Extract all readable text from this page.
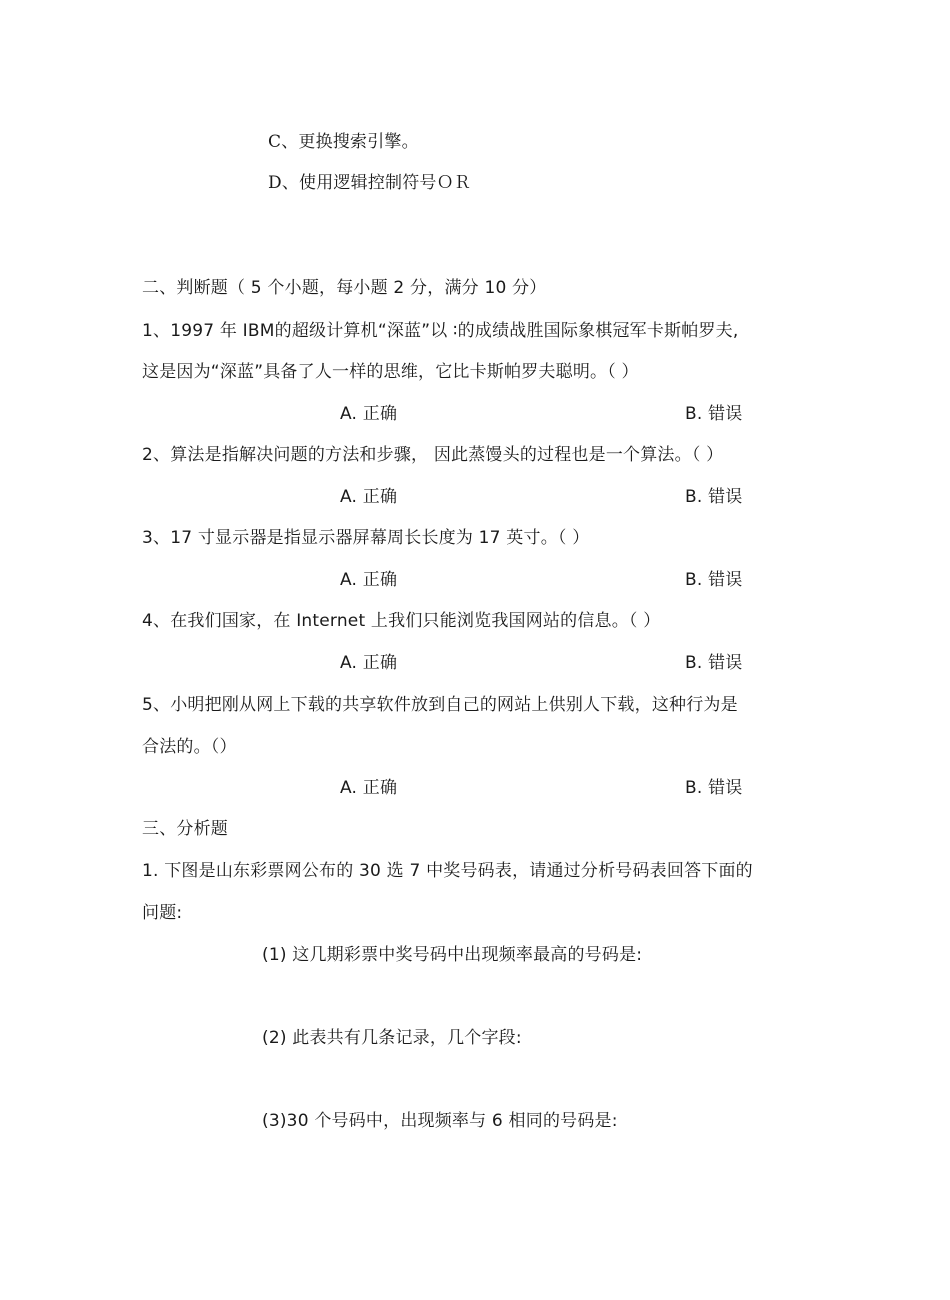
C、更换搜索引擎。
D、使用逻辑控制符号ＯＲ
二、判断题（ 5 个小题，每小题 2 分，满分 10 分）
1、1997 年 IBM的超级计算机“深蓝”以 ∶的成绩战胜国际象棋冠军卡斯帕罗夫,
这是因为“深蓝”具备了人一样的思维，它比卡斯帕罗夫聪明。（ ）
A. 正确	B. 错误
2、算法是指解决问题的方法和步骤， 因此蒸馒头的过程也是一个算法。（ ）
A. 正确	B. 错误
3、17 寸显示器是指显示器屏幕周长长度为 17 英寸。（ ）
A. 正确	B. 错误
4、在我们国家，在 Internet 上我们只能浏览我国网站的信息。（ ）
A. 正确	B. 错误
5、小明把刚从网上下载的共享软件放到自己的网站上供别人下载，这种行为是
合法的。（）
A. 正确	B. 错误
三、分析题
1. 下图是山东彩票网公布的 30 选 7 中奖号码表，请通过分析号码表回答下面的
问题:
(1) 这几期彩票中奖号码中出现频率最高的号码是:
(2) 此表共有几条记录，几个字段:
(3)30 个号码中，出现频率与 6 相同的号码是:
